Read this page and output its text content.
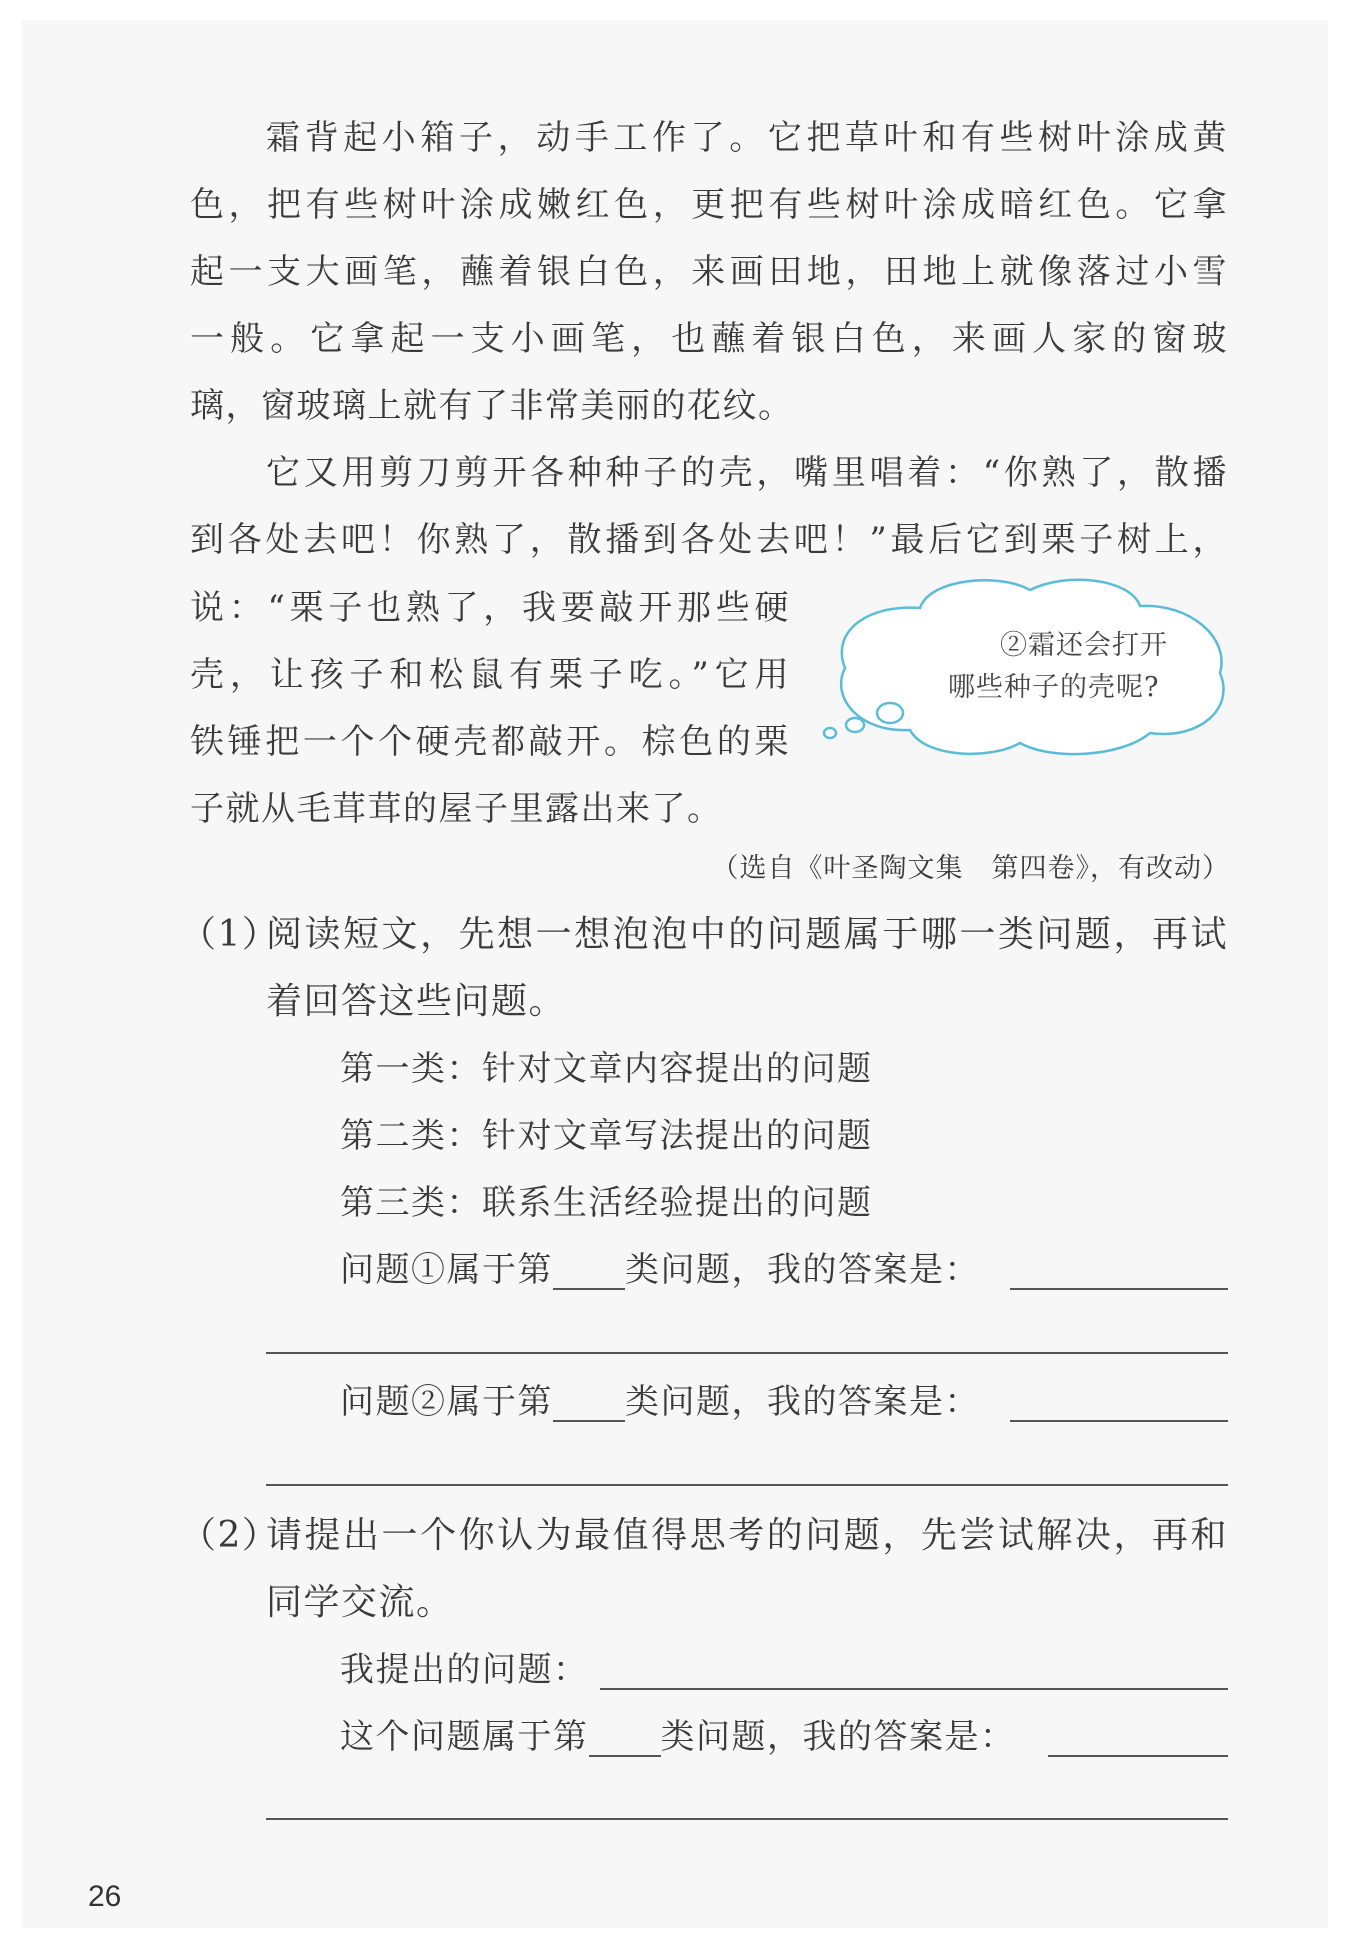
霜背起小箱子，动手工作了。它把草叶和有些树叶涂成黄
色，把有些树叶涂成嫩红色，更把有些树叶涂成暗红色。它拿
起一支大画笔，蘸着银白色，来画田地，田地上就像落过小雪
一般。它拿起一支小画笔，也蘸着银白色，来画人家的窗玻
璃，窗玻璃上就有了非常美丽的花纹。
它又用剪刀剪开各种种子的壳，嘴里唱着：“你熟了，散播
到各处去吧！你熟了，散播到各处去吧！”最后它到栗子树上，
说：“栗子也熟了，我要敲开那些硬
壳，让孩子和松鼠有栗子吃。”它用
铁锤把一个个硬壳都敲开。棕色的栗
子就从毛茸茸的屋子里露出来了。
②霜还会打开
哪些种子的壳呢?
（选自《叶圣陶文集　第四卷》，有改动）
（1）
阅读短文，先想一想泡泡中的问题属于哪一类问题，再试
着回答这些问题。
第一类：针对文章内容提出的问题
第二类：针对文章写法提出的问题
第三类：联系生活经验提出的问题
问题①属于第 类问题，我的答案是：
问题②属于第 类问题，我的答案是：
（2）
请提出一个你认为最值得思考的问题，先尝试解决，再和
同学交流。
我提出的问题：
这个问题属于第 类问题，我的答案是：
26
